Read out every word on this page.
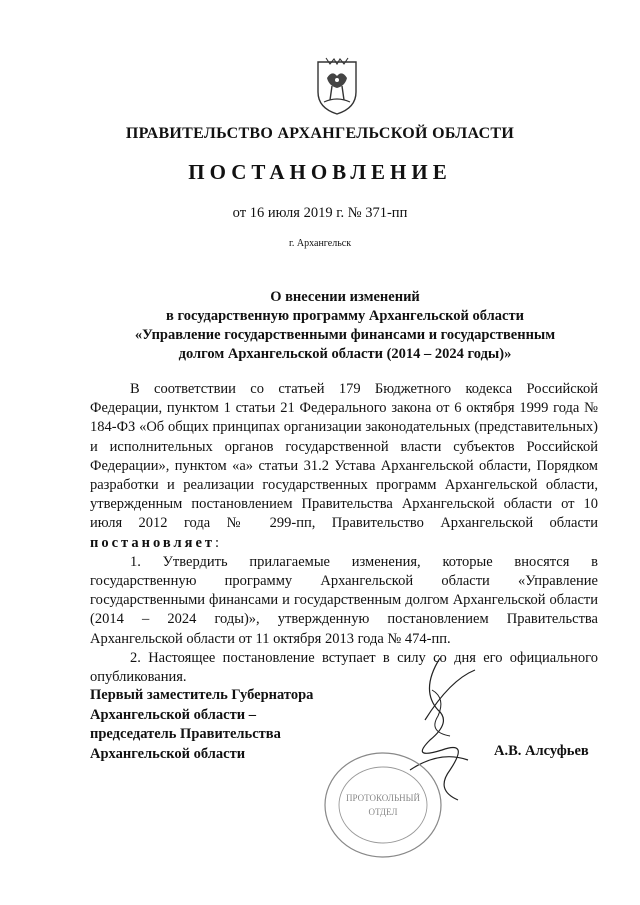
ПРАВИТЕЛЬСТВО АРХАНГЕЛЬСКОЙ ОБЛАСТИ
ПОСТАНОВЛЕНИЕ
от 16 июля 2019 г. № 371-пп
г. Архангельск
О внесении изменений
в государственную программу Архангельской области
«Управление государственными финансами и государственным
долгом Архангельской области (2014 – 2024 годы)»

В соответствии со статьей 179 Бюджетного кодекса Российской Федерации, пунктом 1 статьи 21 Федерального закона от 6 октября 1999 года № 184-ФЗ «Об общих принципах организации законодательных (представительных) и исполнительных органов государственной власти субъектов Российской Федерации», пунктом «а» статьи 31.2 Устава Архангельской области, Порядком разработки и реализации государственных программ Архангельской области, утвержденным постановлением Правительства Архангельской области от 10 июля 2012 года № 299-пп, Правительство Архангельской области постановляет:

1. Утвердить прилагаемые изменения, которые вносятся в государственную программу Архангельской области «Управление государственными финансами и государственным долгом Архангельской области (2014 – 2024 годы)», утвержденную постановлением Правительства Архангельской области от 11 октября 2013 года № 474-пп.

2. Настоящее постановление вступает в силу со дня его официального опубликования.

Первый заместитель Губернатора
Архангельской области –
председатель Правительства
Архангельской области	А.В. Алсуфьев
ПРОТОКОЛЬНЫЙ
ОТДЕЛ
